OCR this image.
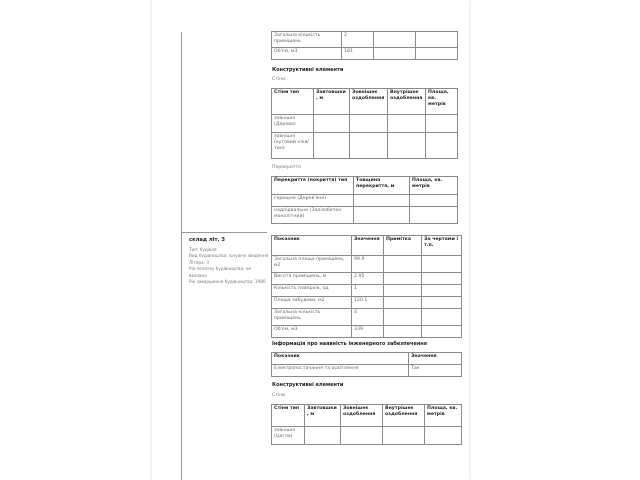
Загальна кількість приміщень	2		
Об'єм, м3	181		
Конструктивні елементи
Стіни
Стіни тип	Завтовшки, м	Зовнішнє оздоблення	Внутрішнє оздоблення	Площа, кв. метрів
зовнішні (Дерево)				
зовнішні (кутовий хлів/тин)				
Перекриття
Перекриття (покриття) тип	Товщина перекриття, м	Площа, кв. метрів
горищне (Дерев'яне)		
надпідвальне (Залізобетон монолітний)		
склад літ. З
Тип: будівля
Вид будівництва: існуюче зведення
Літера: З
Рік початку будівництва: не вказано
Рік завершення будівництва: 1980
Показник	Значення	Примітка	За чертами і т.п.
Загальна площа приміщень, м2	99.9		
Висота приміщень, м	2.95		
Кількість поверхів, од	1		
Площа забудови, м2	120.1		
Загальна кількість приміщень	4		
Об'єм, м3	339		
Інформація про наявність інженерного забезпечення
Показник	Значення
Електропостачання та освітлення	Так
Конструктивні елементи
Стіни
Стіни тип	Завтовшки, м	Зовнішнє оздоблення	Внутрішнє оздоблення	Площа, кв. метрів
зовнішні (Цегла)				
